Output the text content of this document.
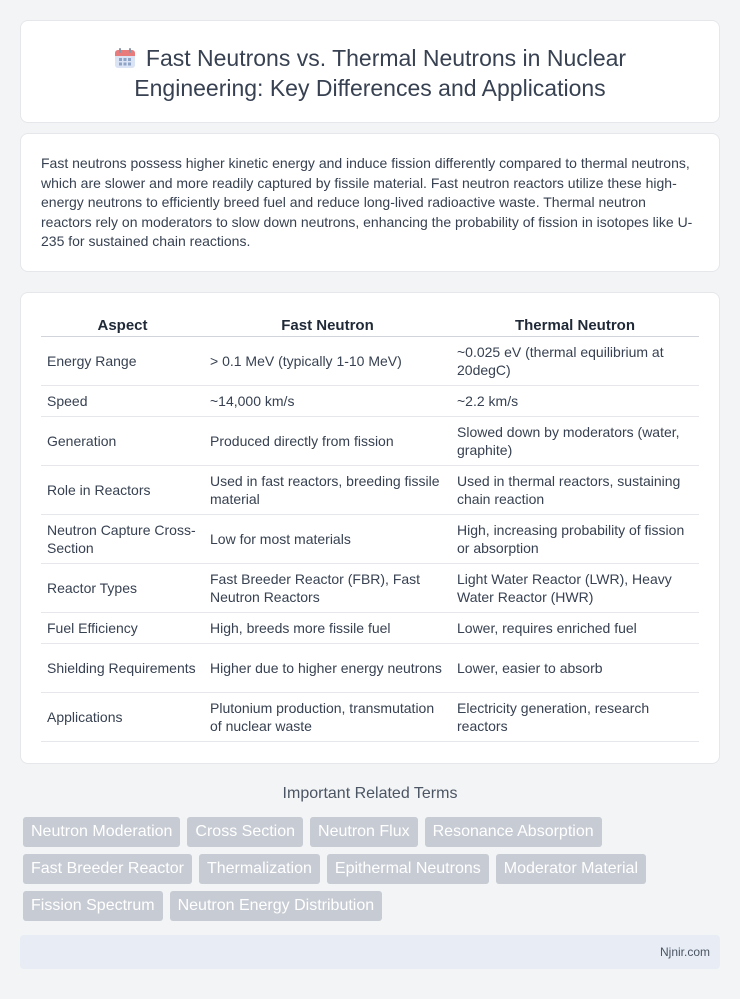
Fast Neutrons vs. Thermal Neutrons in Nuclear Engineering: Key Differences and Applications

Fast neutrons possess higher kinetic energy and induce fission differently compared to thermal neutrons, which are slower and more readily captured by fissile material. Fast neutron reactors utilize these high-energy neutrons to efficiently breed fuel and reduce long-lived radioactive waste. Thermal neutron reactors rely on moderators to slow down neutrons, enhancing the probability of fission in isotopes like U-235 for sustained chain reactions.

Aspect	Fast Neutron	Thermal Neutron
Energy Range	> 0.1 MeV (typically 1-10 MeV)	~0.025 eV (thermal equilibrium at 20degC)
Speed	~14,000 km/s	~2.2 km/s
Generation	Produced directly from fission	Slowed down by moderators (water, graphite)
Role in Reactors	Used in fast reactors, breeding fissile material	Used in thermal reactors, sustaining chain reaction
Neutron Capture Cross-Section	Low for most materials	High, increasing probability of fission or absorption
Reactor Types	Fast Breeder Reactor (FBR), Fast Neutron Reactors	Light Water Reactor (LWR), Heavy Water Reactor (HWR)
Fuel Efficiency	High, breeds more fissile fuel	Lower, requires enriched fuel
Shielding Requirements	Higher due to higher energy neutrons	Lower, easier to absorb
Applications	Plutonium production, transmutation of nuclear waste	Electricity generation, research reactors
Important Related Terms
Neutron Moderation	Cross Section	Neutron Flux	Resonance Absorption
Fast Breeder Reactor	Thermalization	Epithermal Neutrons	Moderator Material
Fission Spectrum	Neutron Energy Distribution
Njnir.com
